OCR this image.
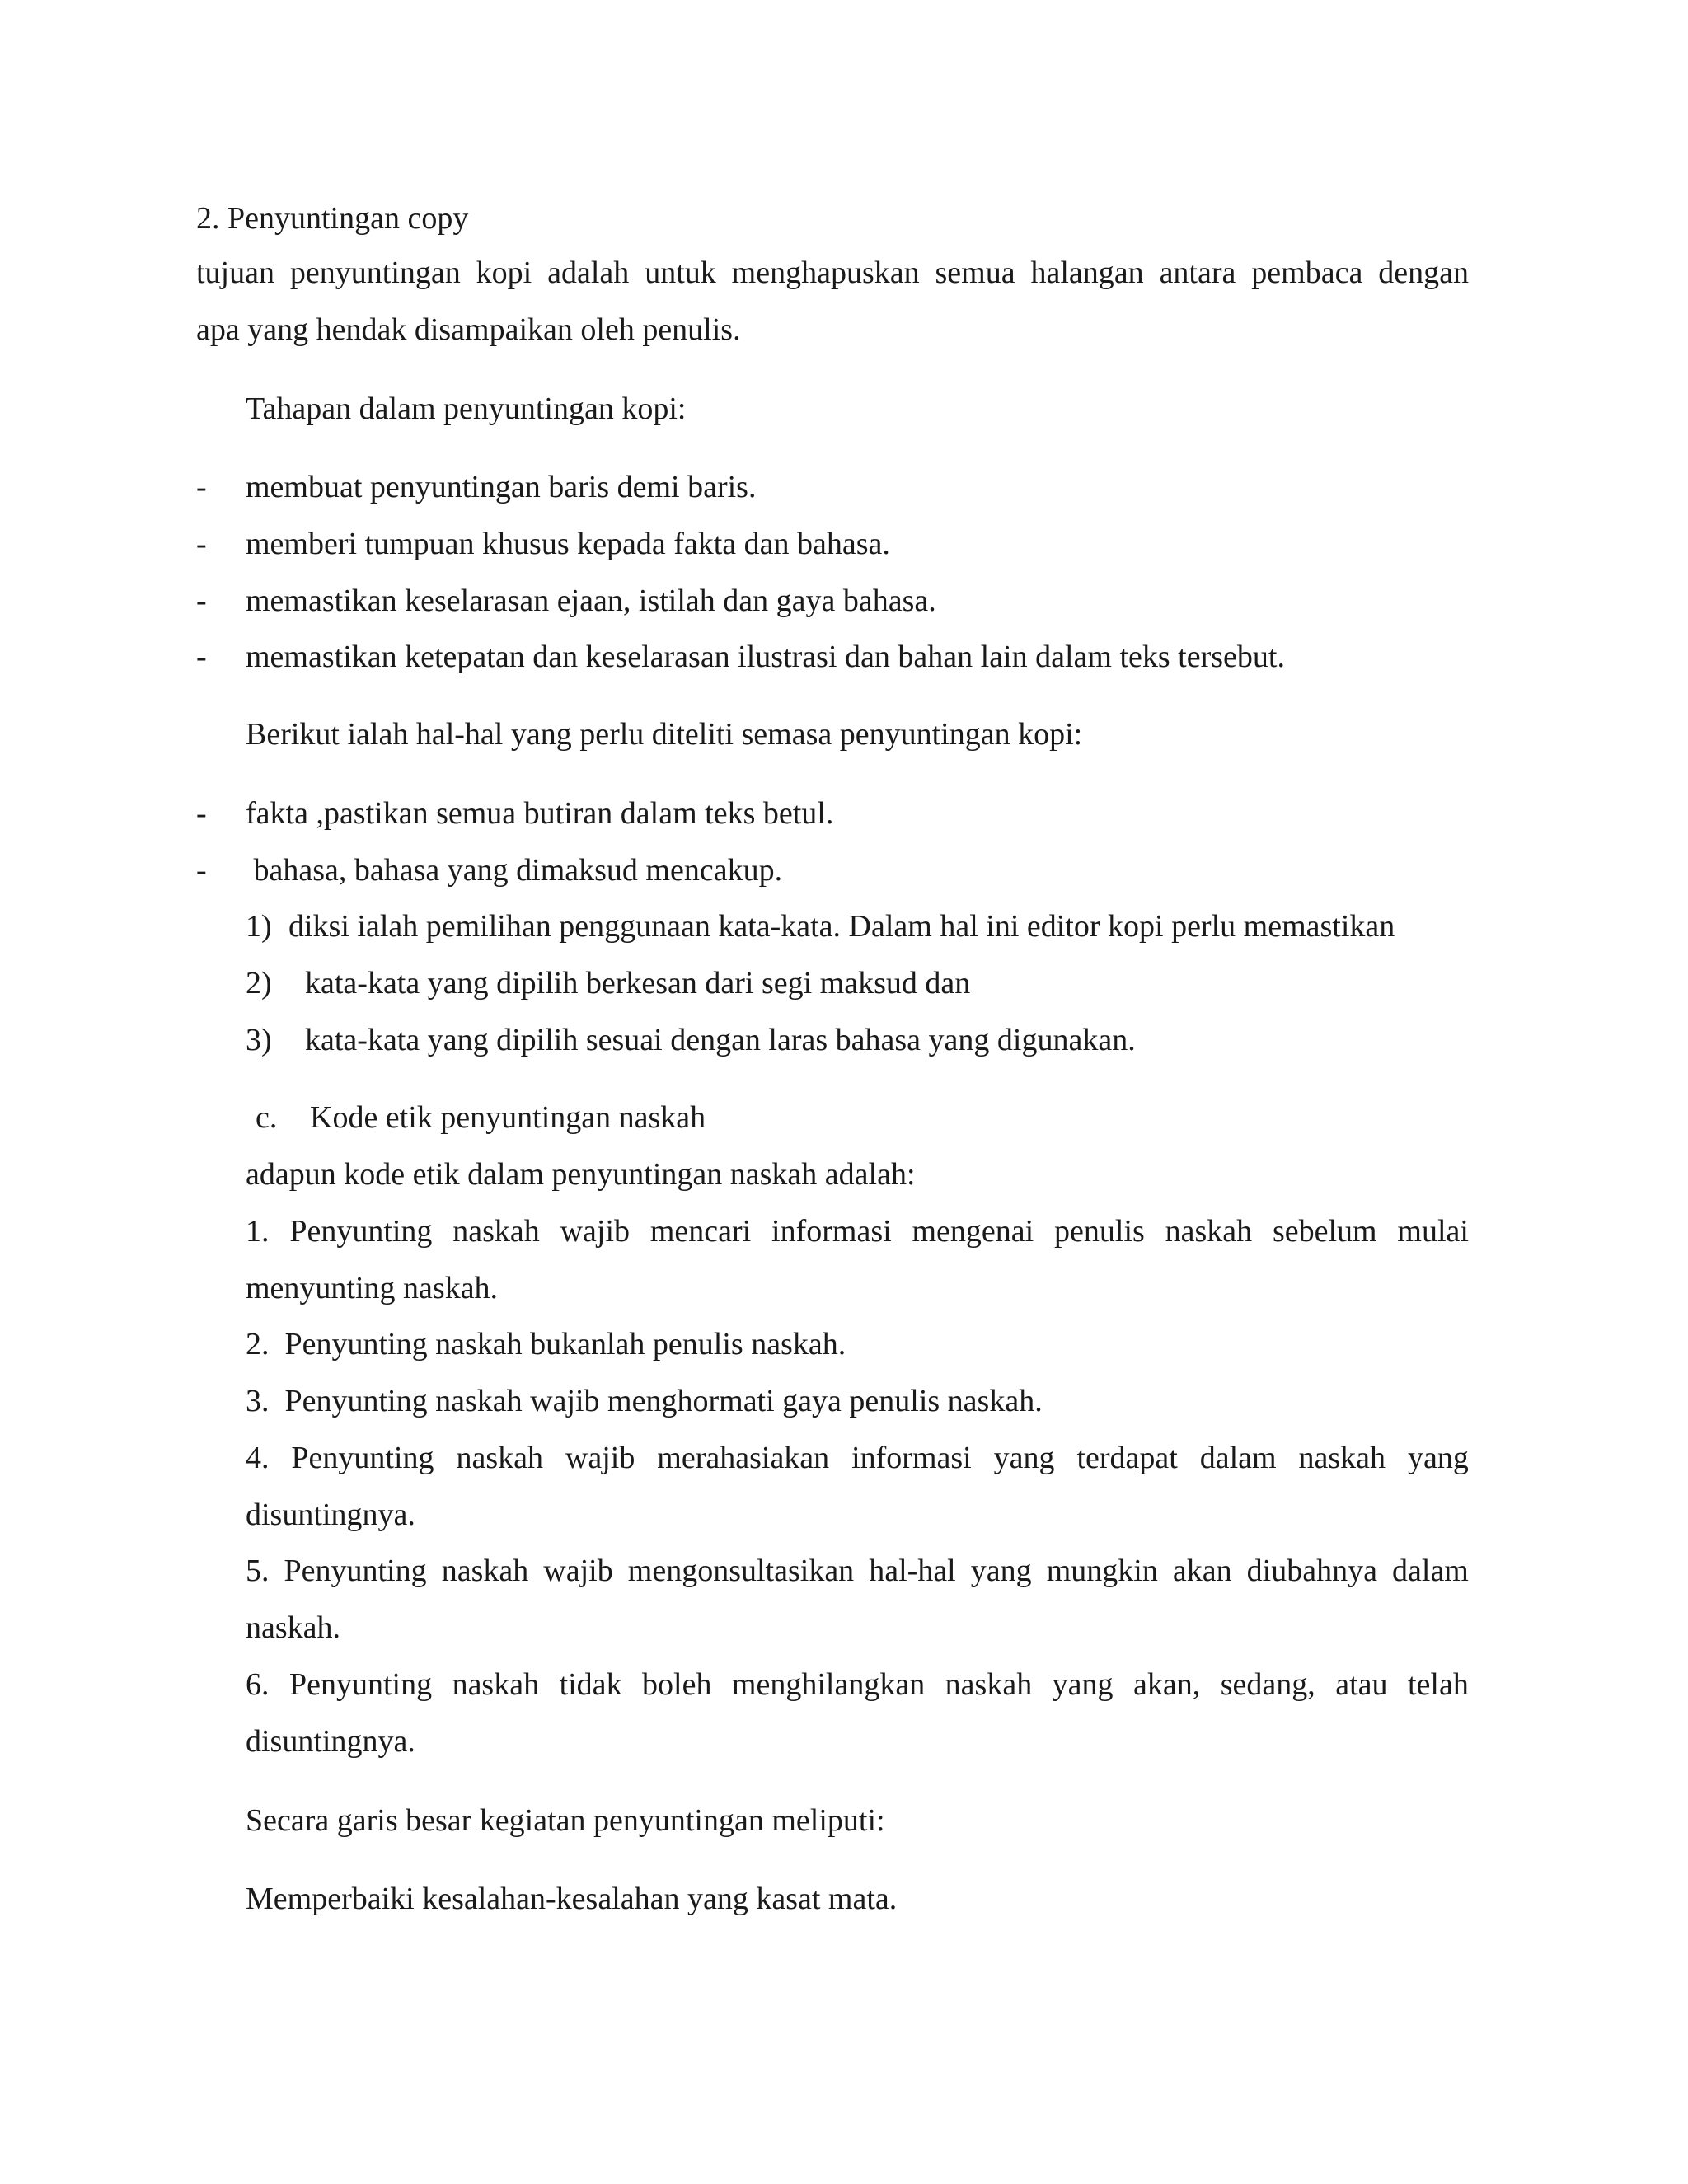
2. Penyuntingan copy
tujuan penyuntingan kopi adalah untuk menghapuskan semua halangan antara pembaca dengan
apa yang hendak disampaikan oleh penulis.
Tahapan dalam penyuntingan kopi:
- membuat penyuntingan baris demi baris.
- memberi tumpuan khusus kepada fakta dan bahasa.
- memastikan keselarasan ejaan, istilah dan gaya bahasa.
- memastikan ketepatan dan keselarasan ilustrasi dan bahan lain dalam teks tersebut.
Berikut ialah hal-hal yang perlu diteliti semasa penyuntingan kopi:
- fakta ,pastikan semua butiran dalam teks betul.
- bahasa, bahasa yang dimaksud mencakup.
1) diksi ialah pemilihan penggunaan kata-kata. Dalam hal ini editor kopi perlu memastikan
2) kata-kata yang dipilih berkesan dari segi maksud dan
3) kata-kata yang dipilih sesuai dengan laras bahasa yang digunakan.
c. Kode etik penyuntingan naskah
adapun kode etik dalam penyuntingan naskah adalah:
1. Penyunting naskah wajib mencari informasi mengenai penulis naskah sebelum mulai
menyunting naskah.
2.  Penyunting naskah bukanlah penulis naskah.
3.  Penyunting naskah wajib menghormati gaya penulis naskah.
4. Penyunting naskah wajib merahasiakan informasi yang terdapat dalam naskah yang
disuntingnya.
5. Penyunting naskah wajib mengonsultasikan hal-hal yang mungkin akan diubahnya dalam
naskah.
6. Penyunting naskah tidak boleh menghilangkan naskah yang akan, sedang, atau telah
disuntingnya.
Secara garis besar kegiatan penyuntingan meliputi:
Memperbaiki kesalahan-kesalahan yang kasat mata.
